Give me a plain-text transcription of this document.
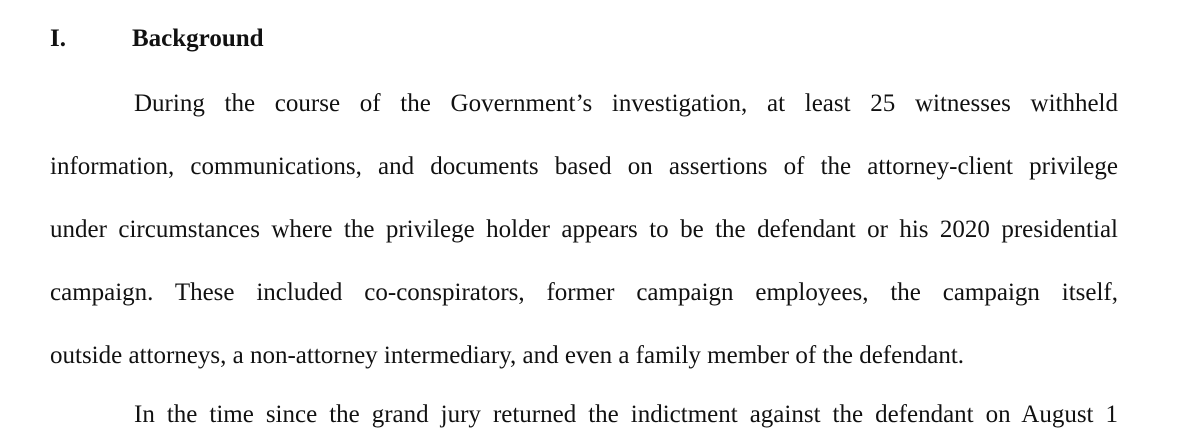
I.	Background
During the course of the Government’s investigation, at least 25 witnesses withheld
information, communications, and documents based on assertions of the attorney-client privilege
under circumstances where the privilege holder appears to be the defendant or his 2020 presidential
campaign. These included co-conspirators, former campaign employees, the campaign itself,
outside attorneys, a non-attorney intermediary, and even a family member of the defendant.
In the time since the grand jury returned the indictment against the defendant on August 1
